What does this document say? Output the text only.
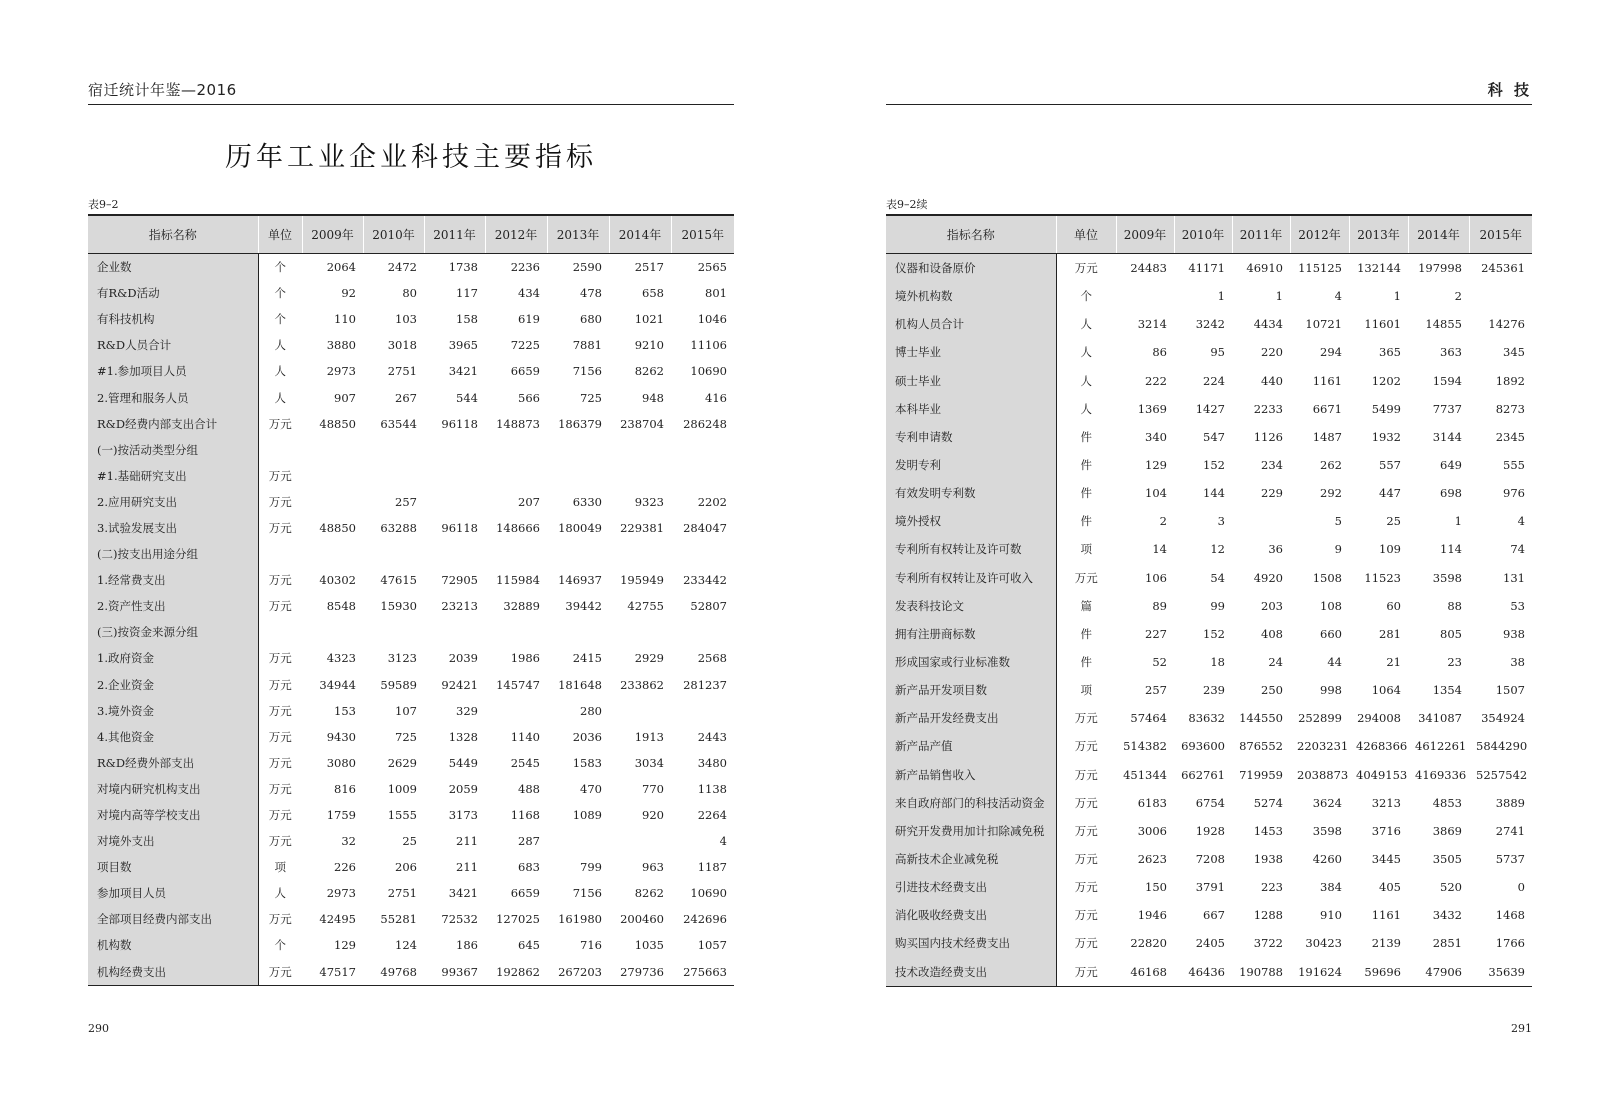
宿迁统计年鉴—2016
历年工业企业科技主要指标
表9–2
指标名称	单位	2009年	2010年	2011年	2012年	2013年	2014年	2015年
企业数	个	2064	2472	1738	2236	2590	2517	2565
有R&D活动	个	92	80	117	434	478	658	801
有科技机构	个	110	103	158	619	680	1021	1046
R&D人员合计	人	3880	3018	3965	7225	7881	9210	11106
#1.参加项目人员	人	2973	2751	3421	6659	7156	8262	10690
2.管理和服务人员	人	907	267	544	566	725	948	416
R&D经费内部支出合计	万元	48850	63544	96118	148873	186379	238704	286248
(一)按活动类型分组								
#1.基础研究支出	万元							
2.应用研究支出	万元		257		207	6330	9323	2202
3.试验发展支出	万元	48850	63288	96118	148666	180049	229381	284047
(二)按支出用途分组								
1.经常费支出	万元	40302	47615	72905	115984	146937	195949	233442
2.资产性支出	万元	8548	15930	23213	32889	39442	42755	52807
(三)按资金来源分组								
1.政府资金	万元	4323	3123	2039	1986	2415	2929	2568
2.企业资金	万元	34944	59589	92421	145747	181648	233862	281237
3.境外资金	万元	153	107	329		280		
4.其他资金	万元	9430	725	1328	1140	2036	1913	2443
R&D经费外部支出	万元	3080	2629	5449	2545	1583	3034	3480
对境内研究机构支出	万元	816	1009	2059	488	470	770	1138
对境内高等学校支出	万元	1759	1555	3173	1168	1089	920	2264
对境外支出	万元	32	25	211	287			4
项目数	项	226	206	211	683	799	963	1187
参加项目人员	人	2973	2751	3421	6659	7156	8262	10690
全部项目经费内部支出	万元	42495	55281	72532	127025	161980	200460	242696
机构数	个	129	124	186	645	716	1035	1057
机构经费支出	万元	47517	49768	99367	192862	267203	279736	275663
290
科 技
表9–2续
指标名称	单位	2009年	2010年	2011年	2012年	2013年	2014年	2015年
仪器和设备原价	万元	24483	41171	46910	115125	132144	197998	245361
境外机构数	个		1	1	4	1	2	
机构人员合计	人	3214	3242	4434	10721	11601	14855	14276
博士毕业	人	86	95	220	294	365	363	345
硕士毕业	人	222	224	440	1161	1202	1594	1892
本科毕业	人	1369	1427	2233	6671	5499	7737	8273
专利申请数	件	340	547	1126	1487	1932	3144	2345
发明专利	件	129	152	234	262	557	649	555
有效发明专利数	件	104	144	229	292	447	698	976
境外授权	件	2	3		5	25	1	4
专利所有权转让及许可数	项	14	12	36	9	109	114	74
专利所有权转让及许可收入	万元	106	54	4920	1508	11523	3598	131
发表科技论文	篇	89	99	203	108	60	88	53
拥有注册商标数	件	227	152	408	660	281	805	938
形成国家或行业标准数	件	52	18	24	44	21	23	38
新产品开发项目数	项	257	239	250	998	1064	1354	1507
新产品开发经费支出	万元	57464	83632	144550	252899	294008	341087	354924
新产品产值	万元	514382	693600	876552	2203231	4268366	4612261	5844290
新产品销售收入	万元	451344	662761	719959	2038873	4049153	4169336	5257542
来自政府部门的科技活动资金	万元	6183	6754	5274	3624	3213	4853	3889
研究开发费用加计扣除减免税	万元	3006	1928	1453	3598	3716	3869	2741
高新技术企业减免税	万元	2623	7208	1938	4260	3445	3505	5737
引进技术经费支出	万元	150	3791	223	384	405	520	0
消化吸收经费支出	万元	1946	667	1288	910	1161	3432	1468
购买国内技术经费支出	万元	22820	2405	3722	30423	2139	2851	1766
技术改造经费支出	万元	46168	46436	190788	191624	59696	47906	35639
291
